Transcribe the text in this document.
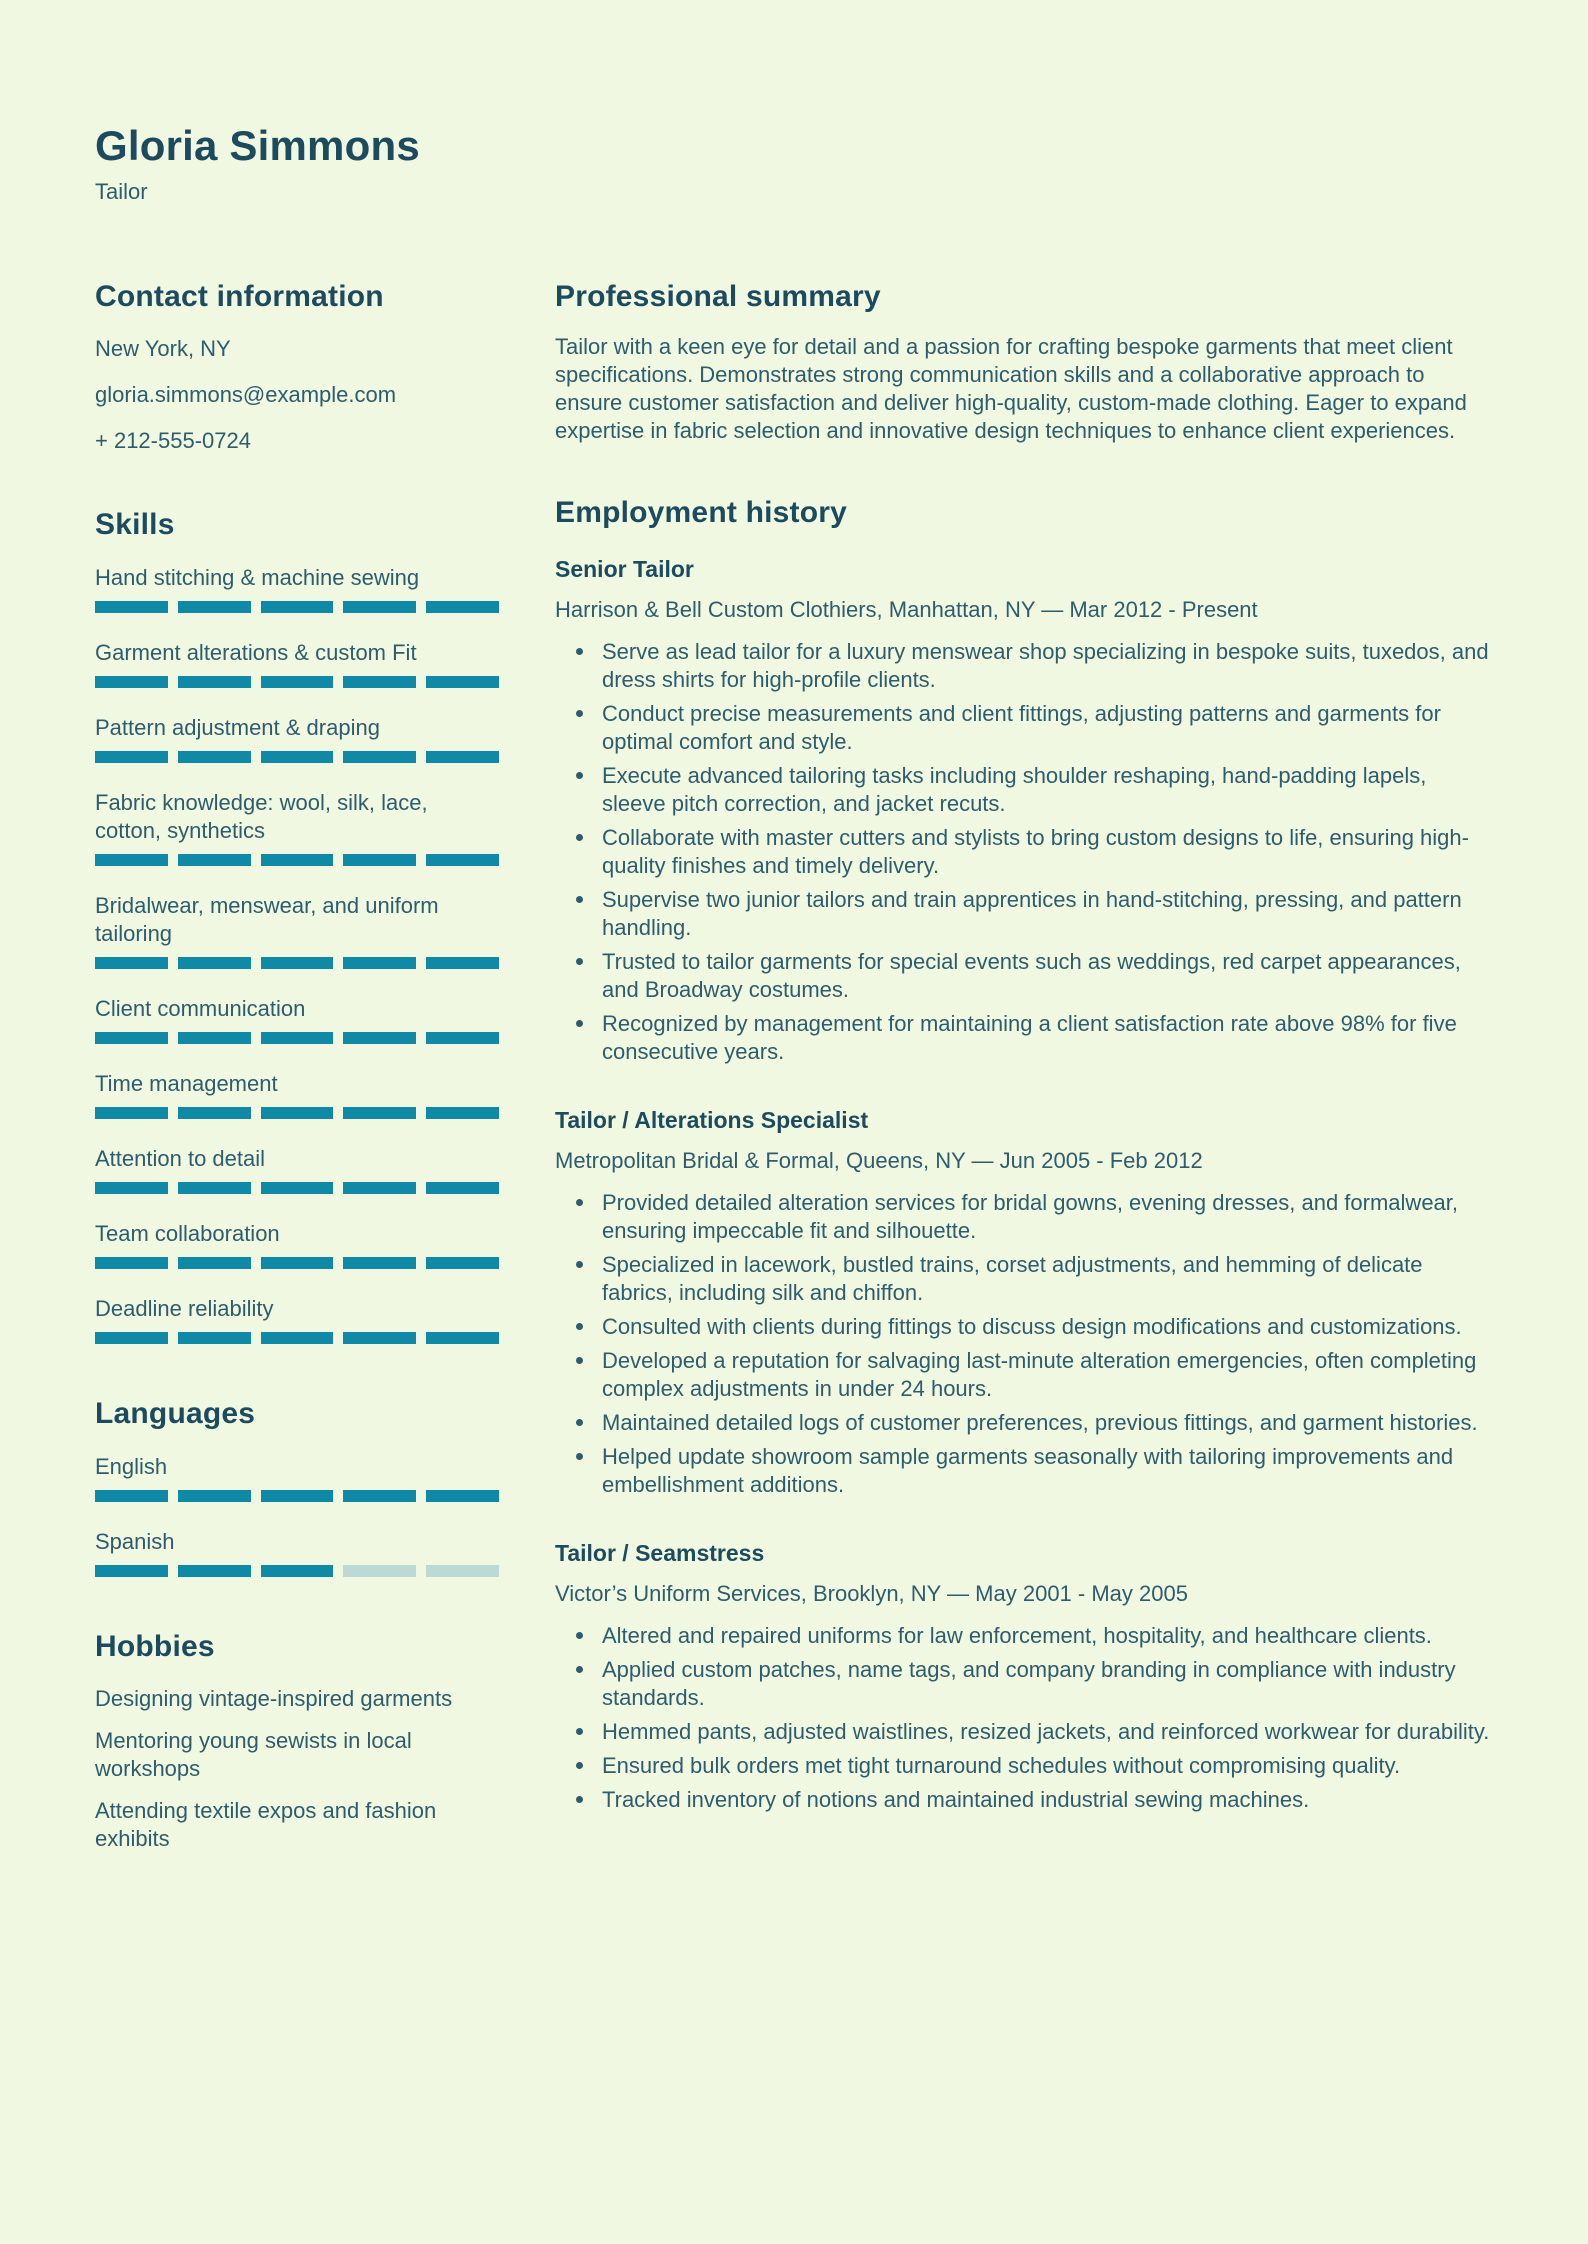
Gloria Simmons
Tailor
Contact information
New York, NY
gloria.simmons@example.com
+ 212-555-0724
Skills
Hand stitching & machine sewing
Garment alterations & custom Fit
Pattern adjustment & draping
Fabric knowledge: wool, silk, lace, cotton, synthetics
Bridalwear, menswear, and uniform tailoring
Client communication
Time management
Attention to detail
Team collaboration
Deadline reliability
Languages
English
Spanish
Hobbies
Designing vintage-inspired garments
Mentoring young sewists in local workshops
Attending textile expos and fashion exhibits
Professional summary

Tailor with a keen eye for detail and a passion for crafting bespoke garments that meet client specifications. Demonstrates strong communication skills and a collaborative approach to ensure customer satisfaction and deliver high-quality, custom-made clothing. Eager to expand expertise in fabric selection and innovative design techniques to enhance client experiences.

Employment history
Senior Tailor
Harrison & Bell Custom Clothiers, Manhattan, NY — Mar 2012 - Present
Serve as lead tailor for a luxury menswear shop specializing in bespoke suits, tuxedos, and dress shirts for high-profile clients.
Conduct precise measurements and client fittings, adjusting patterns and garments for optimal comfort and style.
Execute advanced tailoring tasks including shoulder reshaping, hand-padding lapels, sleeve pitch correction, and jacket recuts.
Collaborate with master cutters and stylists to bring custom designs to life, ensuring high-quality finishes and timely delivery.
Supervise two junior tailors and train apprentices in hand-stitching, pressing, and pattern handling.
Trusted to tailor garments for special events such as weddings, red carpet appearances, and Broadway costumes.
Recognized by management for maintaining a client satisfaction rate above 98% for five consecutive years.
Tailor / Alterations Specialist
Metropolitan Bridal & Formal, Queens, NY — Jun 2005 - Feb 2012
Provided detailed alteration services for bridal gowns, evening dresses, and formalwear, ensuring impeccable fit and silhouette.
Specialized in lacework, bustled trains, corset adjustments, and hemming of delicate fabrics, including silk and chiffon.
Consulted with clients during fittings to discuss design modifications and customizations.
Developed a reputation for salvaging last-minute alteration emergencies, often completing complex adjustments in under 24 hours.
Maintained detailed logs of customer preferences, previous fittings, and garment histories.
Helped update showroom sample garments seasonally with tailoring improvements and embellishment additions.
Tailor / Seamstress
Victor’s Uniform Services, Brooklyn, NY — May 2001 - May 2005
Altered and repaired uniforms for law enforcement, hospitality, and healthcare clients.
Applied custom patches, name tags, and company branding in compliance with industry standards.
Hemmed pants, adjusted waistlines, resized jackets, and reinforced workwear for durability.
Ensured bulk orders met tight turnaround schedules without compromising quality.
Tracked inventory of notions and maintained industrial sewing machines.
